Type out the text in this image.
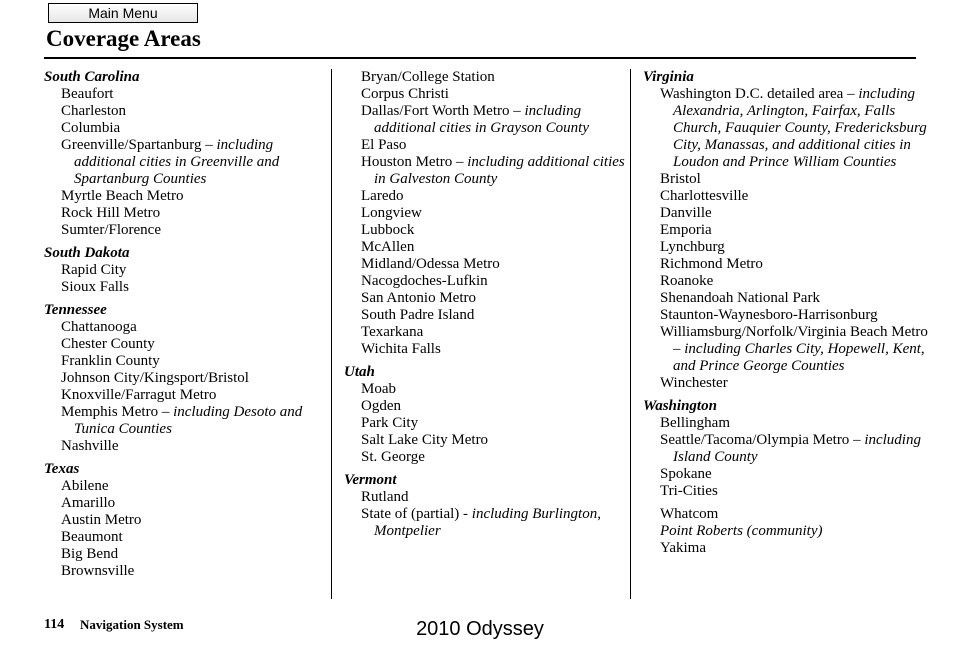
Main Menu
Coverage Areas

South Carolina

Beaufort
Charleston
Columbia
Greenville/Spartanburg – including additional cities in Greenville and Spartanburg Counties
Myrtle Beach Metro
Rock Hill Metro
Sumter/Florence

South Dakota

Rapid City
Sioux Falls

Tennessee

Chattanooga
Chester County
Franklin County
Johnson City/Kingsport/Bristol
Knoxville/Farragut Metro
Memphis Metro – including Desoto and Tunica Counties
Nashville

Texas

Abilene
Amarillo
Austin Metro
Beaumont
Big Bend
Brownsville
Bryan/College Station
Corpus Christi
Dallas/Fort Worth Metro – including additional cities in Grayson County
El Paso
Houston Metro – including additional cities in Galveston County
Laredo
Longview
Lubbock
McAllen
Midland/Odessa Metro
Nacogdoches-Lufkin
San Antonio Metro
South Padre Island
Texarkana
Wichita Falls

Utah

Moab
Ogden
Park City
Salt Lake City Metro
St. George

Vermont

Rutland
State of (partial) - including Burlington, Montpelier

Virginia

Washington D.C. detailed area – including Alexandria, Arlington, Fairfax, Falls Church, Fauquier County, Fredericksburg City, Manassas, and additional cities in Loudon and Prince William Counties
Bristol
Charlottesville
Danville
Emporia
Lynchburg
Richmond Metro
Roanoke
Shenandoah National Park
Staunton-Waynesboro-Harrisonburg
Williamsburg/Norfolk/Virginia Beach Metro – including Charles City, Hopewell, Kent, and Prince George Counties
Winchester

Washington

Bellingham
Seattle/Tacoma/Olympia Metro – including Island County
Spokane
Tri-Cities
Whatcom
Point Roberts (community)
Yakima
114 Navigation System	2010 Odyssey
